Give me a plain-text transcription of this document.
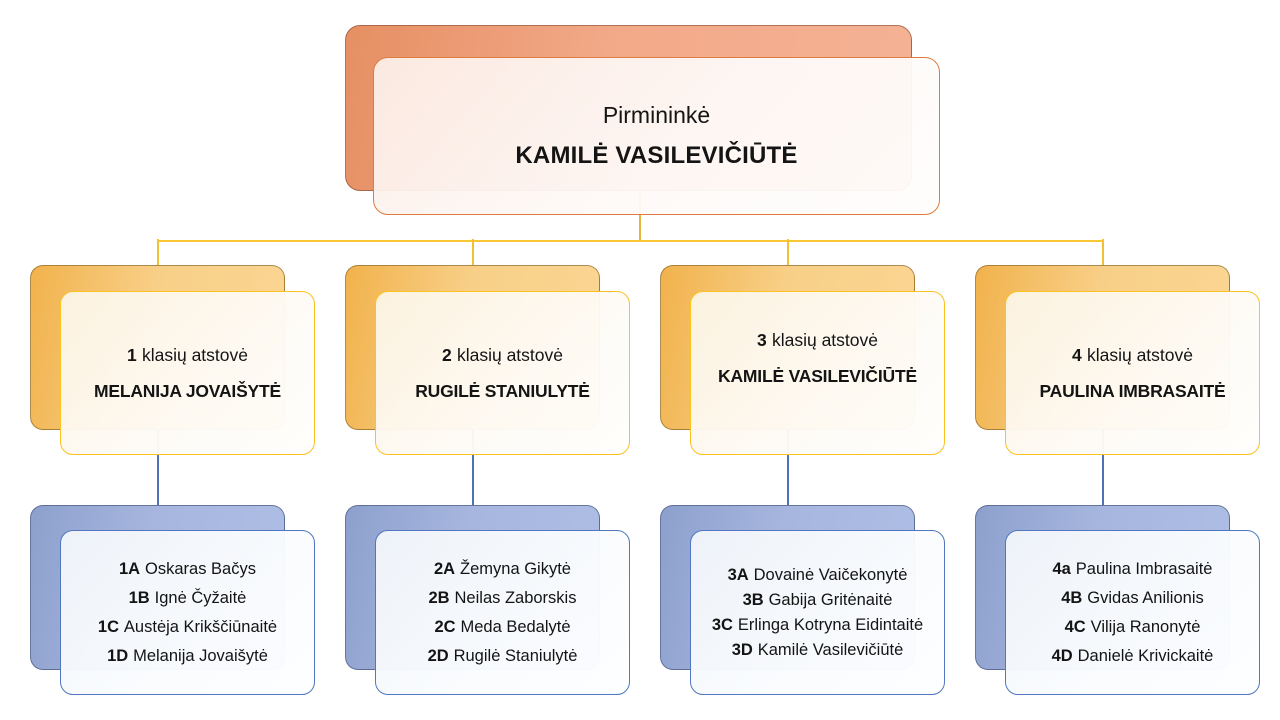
Pirmininkė
KAMILĖ VASILEVIČIŪTĖ
1 klasių atstovė
MELANIJA JOVAIŠYTĖ
1A Oskaras Bačys
1B Ignė Čyžaitė
1C Austėja Krikščiūnaitė
1D Melanija Jovaišytė
2 klasių atstovė
RUGILĖ STANIULYTĖ
2A Žemyna Gikytė
2B Neilas Zaborskis
2C Meda Bedalytė
2D Rugilė Staniulytė
3 klasių atstovė
KAMILĖ VASILEVIČIŪTĖ
3A Dovainė Vaičekonytė
3B Gabija Gritėnaitė
3C Erlinga Kotryna Eidintaitė
3D Kamilė Vasilevičiūtė
4 klasių atstovė
PAULINA IMBRASAITĖ
4a Paulina Imbrasaitė
4B Gvidas Anilionis
4C Vilija Ranonytė
4D Danielė Krivickaitė
